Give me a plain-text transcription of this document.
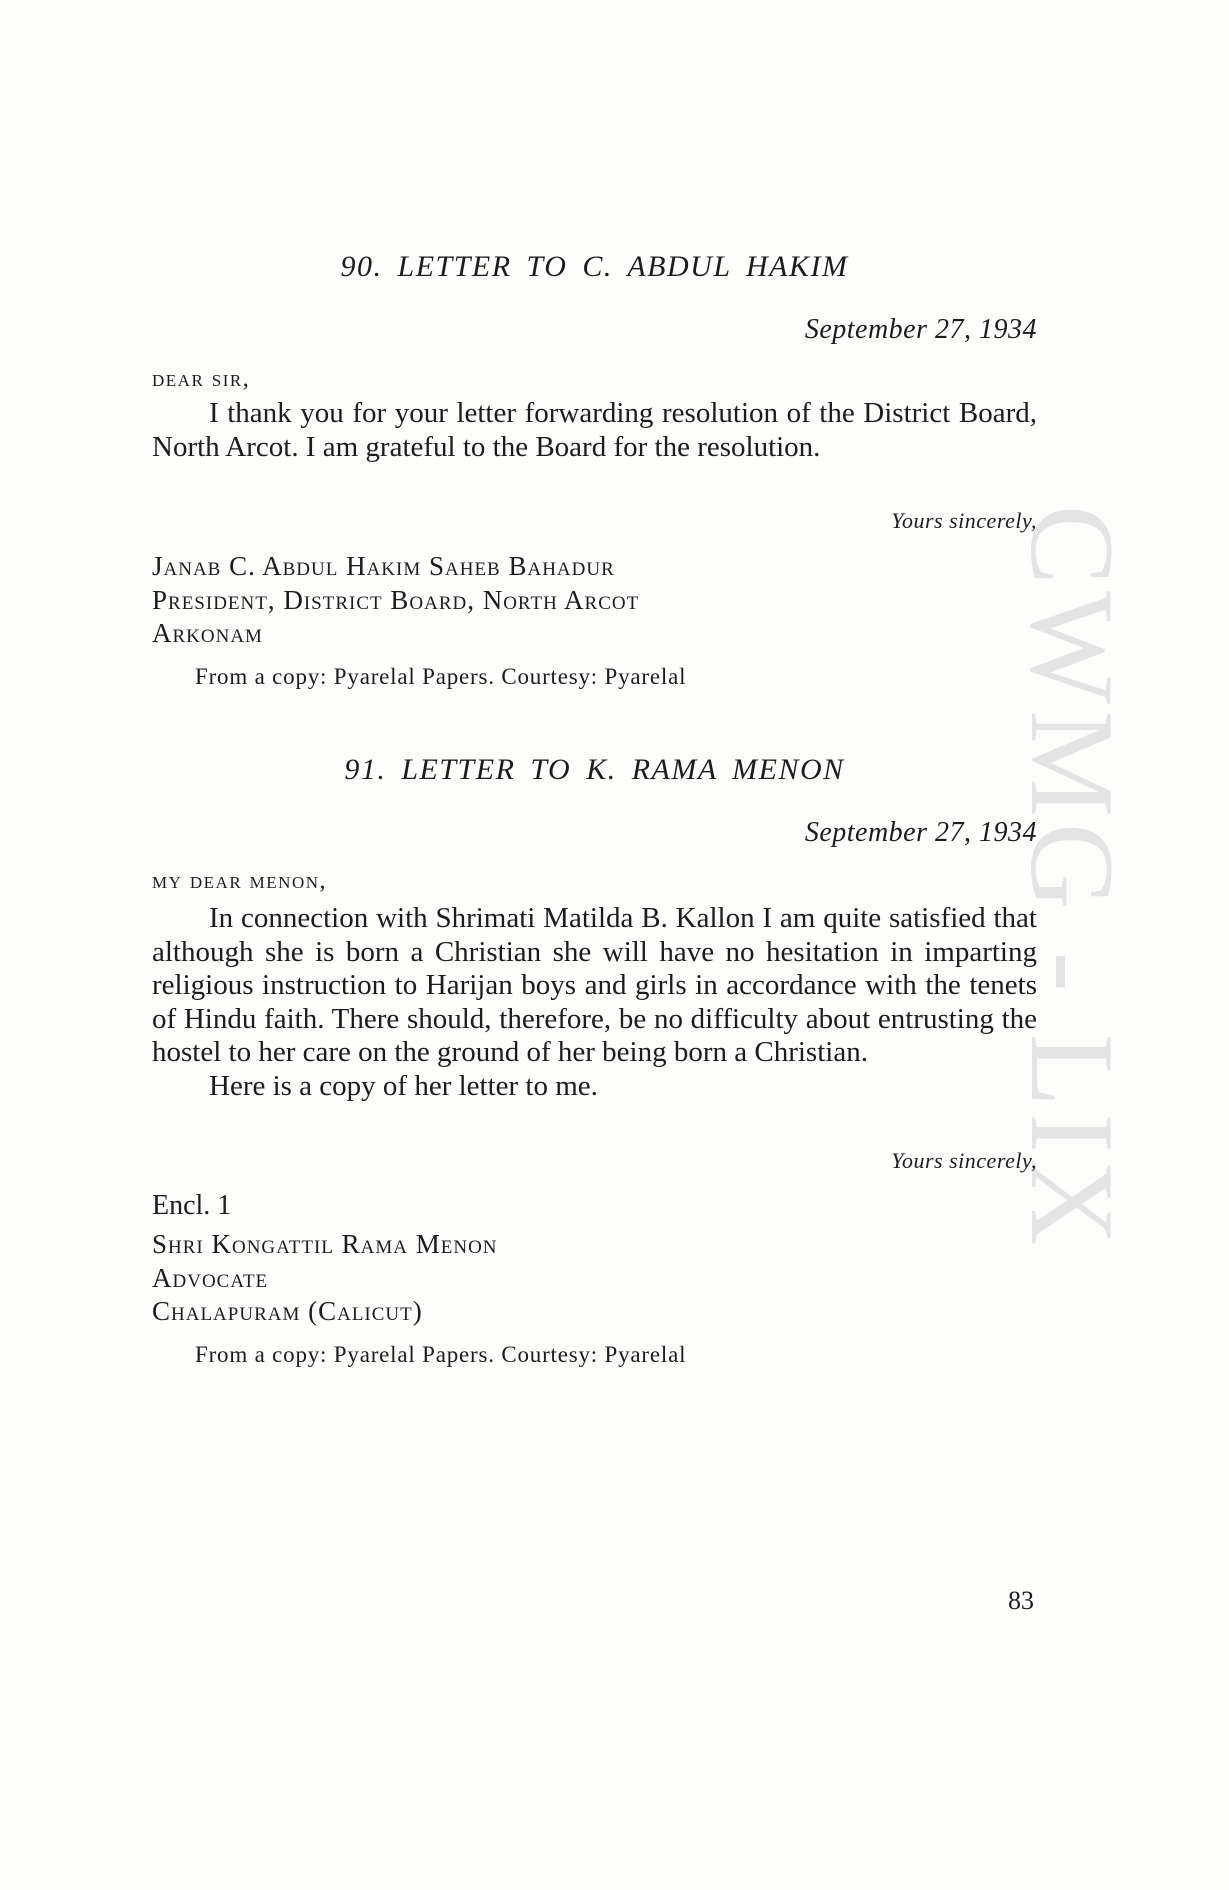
CWMG - LIX
90. LETTER TO C. ABDUL HAKIM
September 27, 1934
dear sir,

I thank you for your letter forwarding resolution of the District Board, North Arcot. I am grateful to the Board for the resolution.

Yours sincerely,
Janab C. Abdul Hakim Saheb Bahadur
President, District Board, North Arcot
Arkonam
From a copy: Pyarelal Papers. Courtesy: Pyarelal
91. LETTER TO K. RAMA MENON
September 27, 1934
my dear menon,

In connection with Shrimati Matilda B. Kallon I am quite satisfied that although she is born a Christian she will have no hesitation in imparting religious instruction to Harijan boys and girls in accordance with the tenets of Hindu faith. There should, therefore, be no difficulty about entrusting the hostel to her care on the ground of her being born a Christian.

Here is a copy of her letter to me.

Yours sincerely,
Encl. 1
Shri Kongattil Rama Menon
Advocate
Chalapuram (Calicut)
From a copy: Pyarelal Papers. Courtesy: Pyarelal
83
